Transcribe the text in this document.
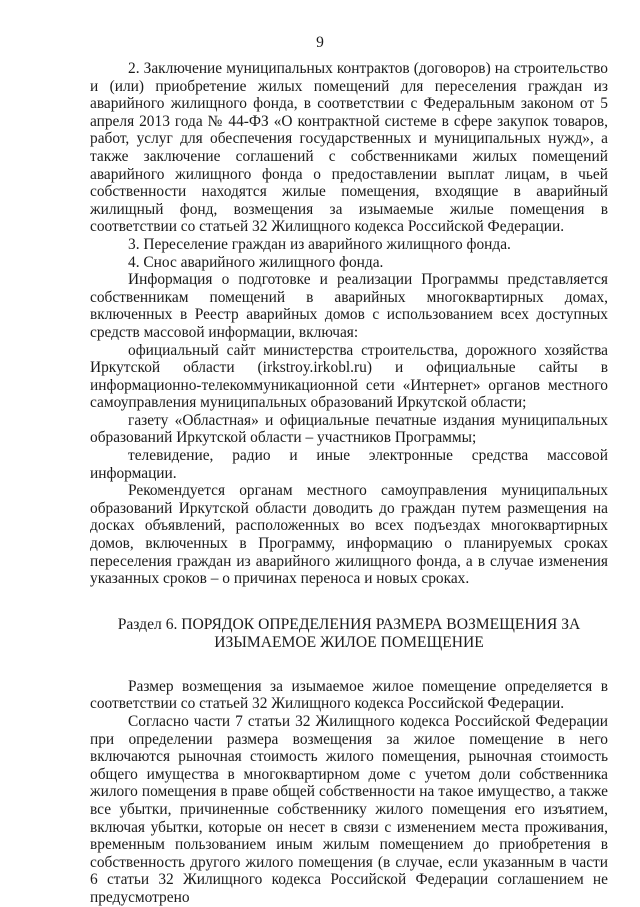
9

2. Заключение муниципальных контрактов (договоров) на строительство и (или) приобретение жилых помещений для переселения граждан из аварийного жилищного фонда, в соответствии с Федеральным законом от 5 апреля 2013 года № 44-ФЗ «О контрактной системе в сфере закупок товаров, работ, услуг для обеспечения государственных и муниципальных нужд», а также заключение соглашений с собственниками жилых помещений аварийного жилищного фонда о предоставлении выплат лицам, в чьей собственности находятся жилые помещения, входящие в аварийный жилищный фонд, возмещения за изымаемые жилые помещения в соответствии со статьей 32 Жилищного кодекса Российской Федерации.

3. Переселение граждан из аварийного жилищного фонда.

4. Снос аварийного жилищного фонда.

Информация о подготовке и реализации Программы представляется собственникам помещений в аварийных многоквартирных домах, включенных в Реестр аварийных домов с использованием всех доступных средств массовой информации, включая:

официальный сайт министерства строительства, дорожного хозяйства Иркутской области (irkstroy.irkobl.ru) и официальные сайты в информационно-телекоммуникационной сети «Интернет» органов местного самоуправления муниципальных образований Иркутской области;

газету «Областная» и официальные печатные издания муниципальных образований Иркутской области – участников Программы;

телевидение, радио и иные электронные средства массовой информации.

Рекомендуется органам местного самоуправления муниципальных образований Иркутской области доводить до граждан путем размещения на досках объявлений, расположенных во всех подъездах многоквартирных домов, включенных в Программу, информацию о планируемых сроках переселения граждан из аварийного жилищного фонда, а в случае изменения указанных сроков – о причинах переноса и новых сроках.

Раздел 6. ПОРЯДОК ОПРЕДЕЛЕНИЯ РАЗМЕРА ВОЗМЕЩЕНИЯ ЗА
ИЗЫМАЕМОЕ ЖИЛОЕ ПОМЕЩЕНИЕ

Размер возмещения за изымаемое жилое помещение определяется в соответствии со статьей 32 Жилищного кодекса Российской Федерации.

Согласно части 7 статьи 32 Жилищного кодекса Российской Федерации при определении размера возмещения за жилое помещение в него включаются рыночная стоимость жилого помещения, рыночная стоимость общего имущества в многоквартирном доме с учетом доли собственника жилого помещения в праве общей собственности на такое имущество, а также все убытки, причиненные собственнику жилого помещения его изъятием, включая убытки, которые он несет в связи с изменением места проживания, временным пользованием иным жилым помещением до приобретения в собственность другого жилого помещения (в случае, если указанным в части 6 статьи 32 Жилищного кодекса Российской Федерации соглашением не предусмотрено
